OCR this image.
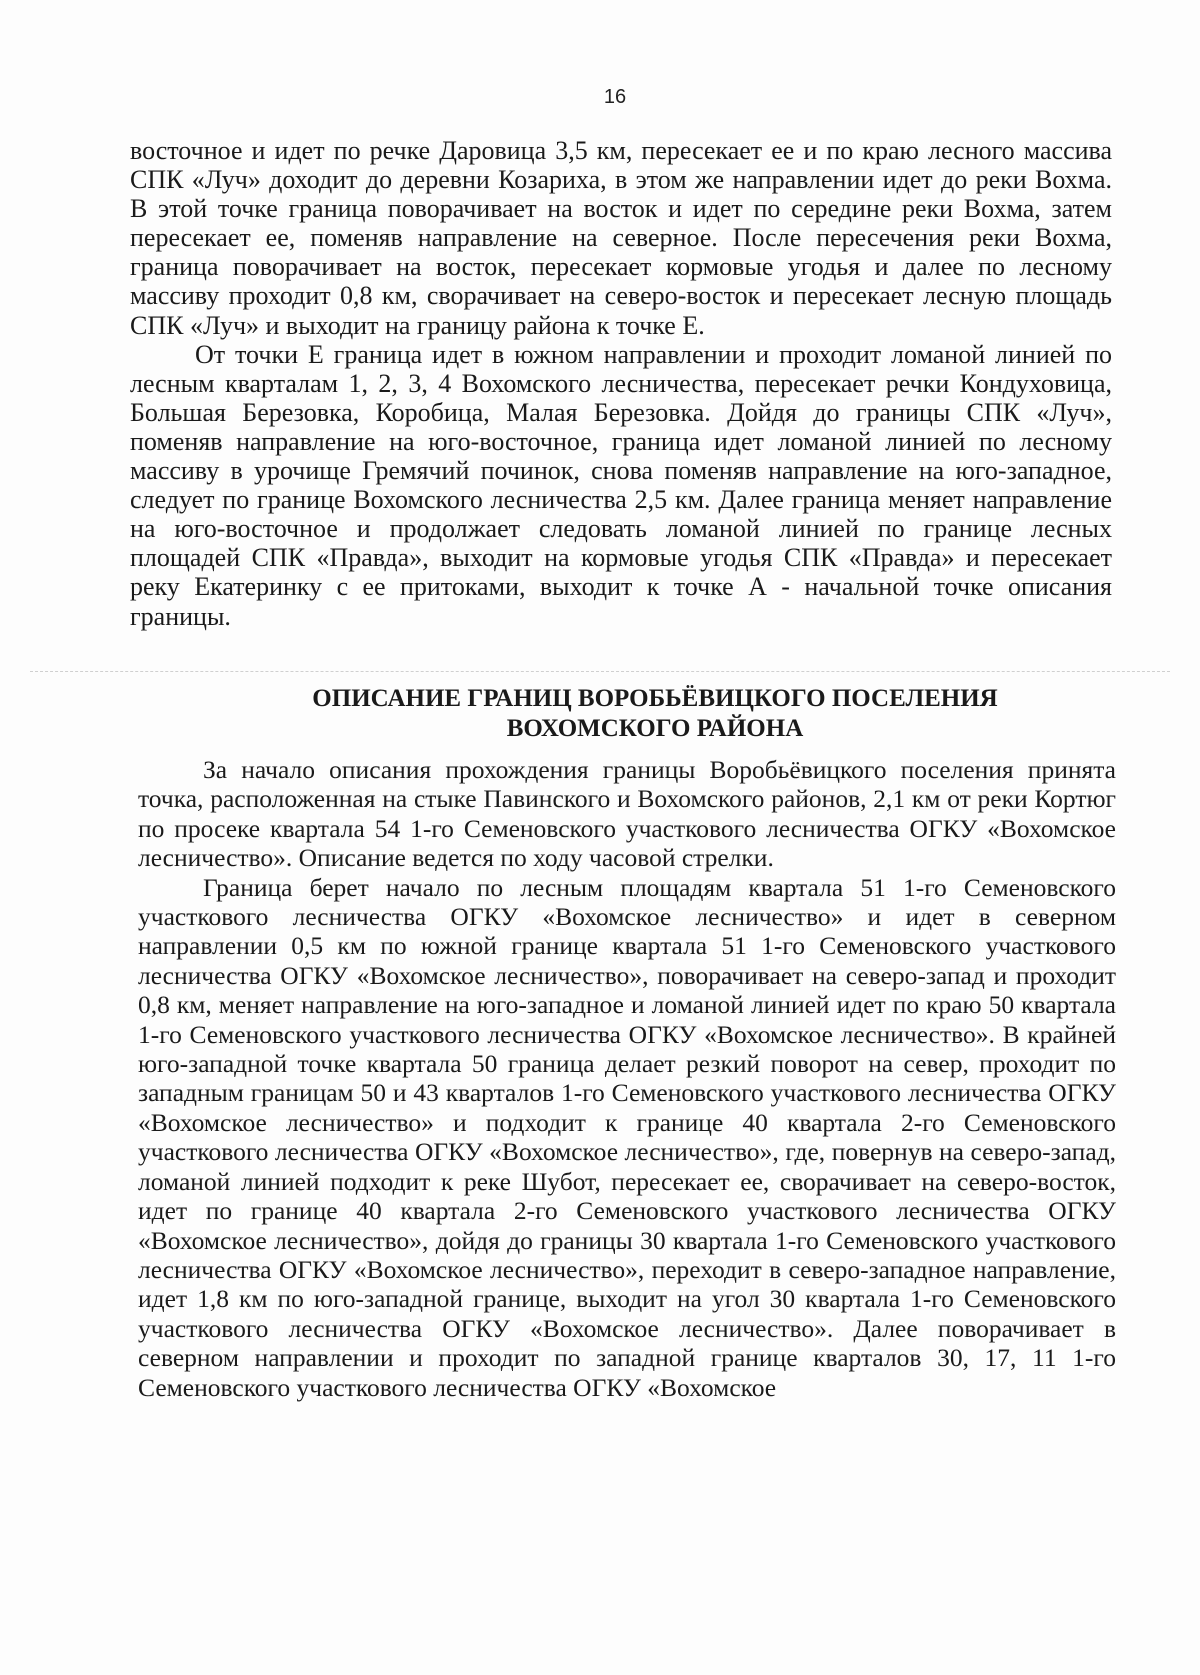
16

восточное и идет по речке Даровица 3,5 км, пересекает ее и по краю лесного массива СПК «Луч» доходит до деревни Козариха, в этом же направлении идет до реки Вохма. В этой точке граница поворачивает на восток и идет по середине реки Вохма, затем пересекает ее, поменяв направление на северное. После пересечения реки Вохма, граница поворачивает на восток, пересекает кормовые угодья и далее по лесному массиву проходит 0,8 км, сворачивает на северо-восток и пересекает лесную площадь СПК «Луч» и выходит на границу района к точке Е.

От точки Е граница идет в южном направлении и проходит ломаной линией по лесным кварталам 1, 2, 3, 4 Вохомского лесничества, пересекает речки Кондуховица, Большая Березовка, Коробица, Малая Березовка. Дойдя до границы СПК «Луч», поменяв направление на юго-восточное, граница идет ломаной линией по лесному массиву в урочище Гремячий починок, снова поменяв направление на юго-западное, следует по границе Вохомского лесничества 2,5 км. Далее граница меняет направление на юго-восточное и продолжает следовать ломаной линией по границе лесных площадей СПК «Правда», выходит на кормовые угодья СПК «Правда» и пересекает реку Екатеринку с ее притоками, выходит к точке А - начальной точке описания границы.

ОПИСАНИЕ ГРАНИЦ ВОРОБЬЁВИЦКОГО ПОСЕЛЕНИЯ
ВОХОМСКОГО РАЙОНА

За начало описания прохождения границы Воробьёвицкого поселения принята точка, расположенная на стыке Павинского и Вохомского районов, 2,1 км от реки Кортюг по просеке квартала 54 1-го Семеновского участкового лесничества ОГКУ «Вохомское лесничество». Описание ведется по ходу часовой стрелки.

Граница берет начало по лесным площадям квартала 51 1-го Семеновского участкового лесничества ОГКУ «Вохомское лесничество» и идет в северном направлении 0,5 км по южной границе квартала 51 1-го Семеновского участкового лесничества ОГКУ «Вохомское лесничество», поворачивает на северо-запад и проходит 0,8 км, меняет направление на юго-западное и ломаной линией идет по краю 50 квартала 1-го Семеновского участкового лесничества ОГКУ «Вохомское лесничество». В крайней юго-западной точке квартала 50 граница делает резкий поворот на север, проходит по западным границам 50 и 43 кварталов 1-го Семеновского участкового лесничества ОГКУ «Вохомское лесничество» и подходит к границе 40 квартала 2-го Семеновского участкового лесничества ОГКУ «Вохомское лесничество», где, повернув на северо-запад, ломаной линией подходит к реке Шубот, пересекает ее, сворачивает на северо-восток, идет по границе 40 квартала 2-го Семеновского участкового лесничества ОГКУ «Вохомское лесничество», дойдя до границы 30 квартала 1-го Семеновского участкового лесничества ОГКУ «Вохомское лесничество», переходит в северо-западное направление, идет 1,8 км по юго-западной границе, выходит на угол 30 квартала 1-го Семеновского участкового лесничества ОГКУ «Вохомское лесничество». Далее поворачивает в северном направлении и проходит по западной границе кварталов 30, 17, 11 1-го Семеновского участкового лесничества ОГКУ «Вохомское
